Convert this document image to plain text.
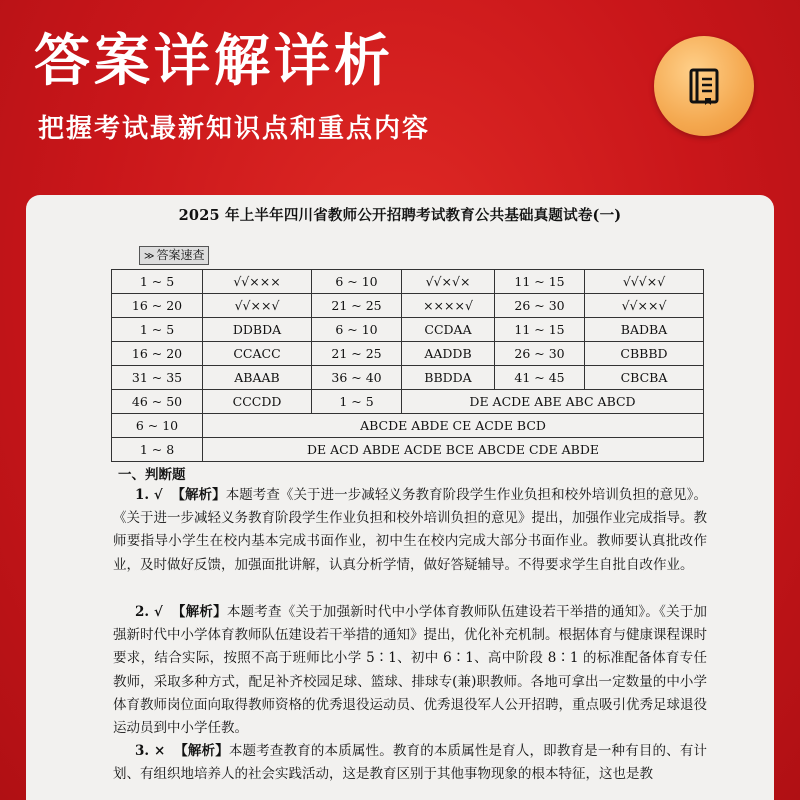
答案详解详析
把握考试最新知识点和重点内容
2025 年上半年四川省教师公开招聘考试教育公共基础真题试卷(一)
≫ 答案速查
1 ~ 5	√√×××	6 ~ 10	√√×√×	11 ~ 15	√√√×√
16 ~ 20	√√××√	21 ~ 25	××××√	26 ~ 30	√√××√
1 ~ 5	DDBDA	6 ~ 10	CCDAA	11 ~ 15	BADBA
16 ~ 20	CCACC	21 ~ 25	AADDB	26 ~ 30	CBBBD
31 ~ 35	ABAAB	36 ~ 40	BBDDA	41 ~ 45	CBCBA
46 ~ 50	CCCDD	1 ~ 5	DE ACDE ABE ABC ABCD		
6 ~ 10	ABCDE ABDE CE ACDE BCD				
1 ~ 8	DE ACD ABDE ACDE BCE ABCDE CDE ABDE				
一、判断题

1. √ 【解析】本题考查《关于进一步减轻义务教育阶段学生作业负担和校外培训负担的意见》。《关于进一步减轻义务教育阶段学生作业负担和校外培训负担的意见》提出，加强作业完成指导。教师要指导小学生在校内基本完成书面作业，初中生在校内完成大部分书面作业。教师要认真批改作业，及时做好反馈，加强面批讲解，认真分析学情，做好答疑辅导。不得要求学生自批自改作业。

2. √ 【解析】本题考查《关于加强新时代中小学体育教师队伍建设若干举措的通知》。《关于加强新时代中小学体育教师队伍建设若干举措的通知》提出，优化补充机制。根据体育与健康课程课时要求，结合实际，按照不高于班师比小学 5∶1、初中 6∶1、高中阶段 8∶1 的标准配备体育专任教师，采取多种方式，配足补齐校园足球、篮球、排球专(兼)职教师。各地可拿出一定数量的中小学体育教师岗位面向取得教师资格的优秀退役运动员、优秀退役军人公开招聘，重点吸引优秀足球退役运动员到中小学任教。

3. × 【解析】本题考查教育的本质属性。教育的本质属性是育人，即教育是一种有目的、有计划、有组织地培养人的社会实践活动，这是教育区别于其他事物现象的根本特征，这也是教
